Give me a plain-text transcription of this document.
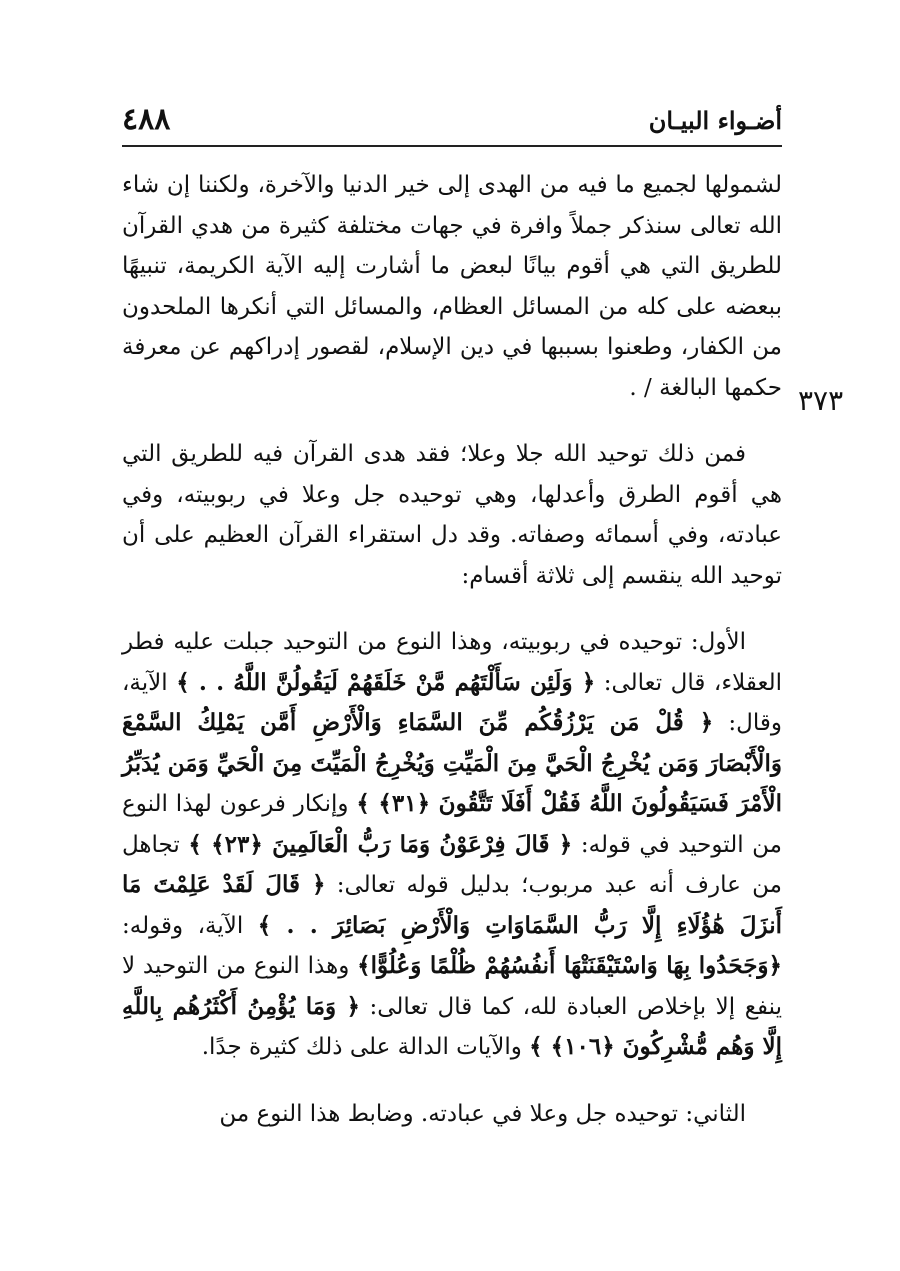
أضـواء البيـان
٤٨٨
٣٧٣

لشمولها لجميع ما فيه من الهدى إلى خير الدنيا والآخرة، ولكننا إن شاء الله تعالى سنذكر جملاً وافرة في جهات مختلفة كثيرة من هدي القرآن للطريق التي هي أقوم بيانًا لبعض ما أشارت إليه الآية الكريمة، تنبيهًا ببعضه على كله من المسائل العظام، والمسائل التي أنكرها الملحدون من الكفار، وطعنوا بسببها في دين الإسلام، لقصور إدراكهم عن معرفة حكمها البالغة / .

فمن ذلك توحيد الله جلا وعلا؛ فقد هدى القرآن فيه للطريق التي هي أقوم الطرق وأعدلها، وهي توحيده جل وعلا في ربوبيته، وفي عبادته، وفي أسمائه وصفاته. وقد دل استقراء القرآن العظيم على أن توحيد الله ينقسم إلى ثلاثة أقسام:

الأول: توحيده في ربوبيته، وهذا النوع من التوحيد جبلت عليه فطر العقلاء، قال تعالى: ﴿ وَلَئِن سَأَلْتَهُم مَّنْ خَلَقَهُمْ لَيَقُولُنَّ اللَّهُ . . ﴾ الآية، وقال: ﴿ قُلْ مَن يَرْزُقُكُم مِّنَ السَّمَاءِ وَالْأَرْضِ أَمَّن يَمْلِكُ السَّمْعَ وَالْأَبْصَارَ وَمَن يُخْرِجُ الْحَيَّ مِنَ الْمَيِّتِ وَيُخْرِجُ الْمَيِّتَ مِنَ الْحَيِّ وَمَن يُدَبِّرُ الْأَمْرَ فَسَيَقُولُونَ اللَّهُ فَقُلْ أَفَلَا تَتَّقُونَ ﴿٣١﴾ ﴾ وإنكار فرعون لهذا النوع من التوحيد في قوله: ﴿ قَالَ فِرْعَوْنُ وَمَا رَبُّ الْعَالَمِينَ ﴿٢٣﴾ ﴾ تجاهل من عارف أنه عبد مربوب؛ بدليل قوله تعالى: ﴿ قَالَ لَقَدْ عَلِمْتَ مَا أَنزَلَ هَٰؤُلَاءِ إِلَّا رَبُّ السَّمَاوَاتِ وَالْأَرْضِ بَصَائِرَ . . ﴾ الآية، وقوله: ﴿وَجَحَدُوا بِهَا وَاسْتَيْقَنَتْهَا أَنفُسُهُمْ ظُلْمًا وَعُلُوًّا﴾ وهذا النوع من التوحيد لا ينفع إلا بإخلاص العبادة لله، كما قال تعالى: ﴿ وَمَا يُؤْمِنُ أَكْثَرُهُم بِاللَّهِ إِلَّا وَهُم مُّشْرِكُونَ ﴿١٠٦﴾ ﴾ والآيات الدالة على ذلك كثيرة جدًا.

الثاني: توحيده جل وعلا في عبادته. وضابط هذا النوع من
